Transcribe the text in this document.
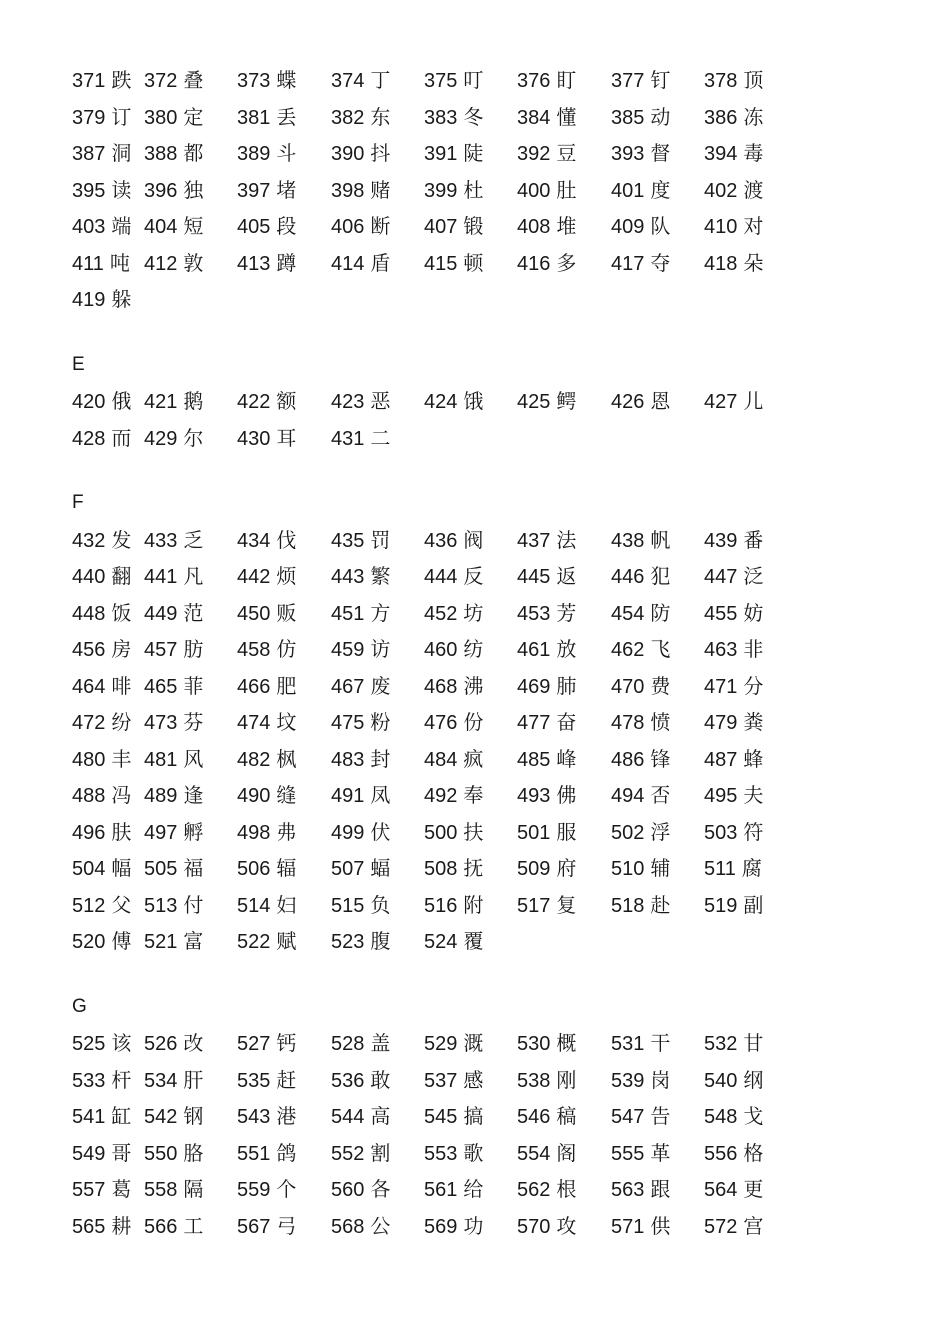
371 跌 372 叠 373 蝶 374 丁 375 叮 376 盯 377 钉 378 顶
379 订 380 定 381 丢 382 东 383 冬 384 懂 385 动 386 冻
387 洞 388 都 389 斗 390 抖 391 陡 392 豆 393 督 394 毒
395 读 396 独 397 堵 398 赌 399 杜 400 肚 401 度 402 渡
403 端 404 短 405 段 406 断 407 锻 408 堆 409 队 410 对
411 吨 412 敦 413 蹲 414 盾 415 顿 416 多 417 夺 418 朵
419 躲
E
420 俄 421 鹅 422 额 423 恶 424 饿 425 鳄 426 恩 427 儿
428 而 429 尔 430 耳 431 二
F
432 发 433 乏 434 伐 435 罚 436 阀 437 法 438 帆 439 番
440 翻 441 凡 442 烦 443 繁 444 反 445 返 446 犯 447 泛
448 饭 449 范 450 贩 451 方 452 坊 453 芳 454 防 455 妨
456 房 457 肪 458 仿 459 访 460 纺 461 放 462 飞 463 非
464 啡 465 菲 466 肥 467 废 468 沸 469 肺 470 费 471 分
472 纷 473 芬 474 坟 475 粉 476 份 477 奋 478 愤 479 粪
480 丰 481 风 482 枫 483 封 484 疯 485 峰 486 锋 487 蜂
488 冯 489 逢 490 缝 491 凤 492 奉 493 佛 494 否 495 夫
496 肤 497 孵 498 弗 499 伏 500 扶 501 服 502 浮 503 符
504 幅 505 福 506 辐 507 蝠 508 抚 509 府 510 辅 511 腐
512 父 513 付 514 妇 515 负 516 附 517 复 518 赴 519 副
520 傅 521 富 522 赋 523 腹 524 覆
G
525 该 526 改 527 钙 528 盖 529 溉 530 概 531 干 532 甘
533 杆 534 肝 535 赶 536 敢 537 感 538 刚 539 岗 540 纲
541 缸 542 钢 543 港 544 高 545 搞 546 稿 547 告 548 戈
549 哥 550 胳 551 鸽 552 割 553 歌 554 阁 555 革 556 格
557 葛 558 隔 559 个 560 各 561 给 562 根 563 跟 564 更
565 耕 566 工 567 弓 568 公 569 功 570 攻 571 供 572 宫
